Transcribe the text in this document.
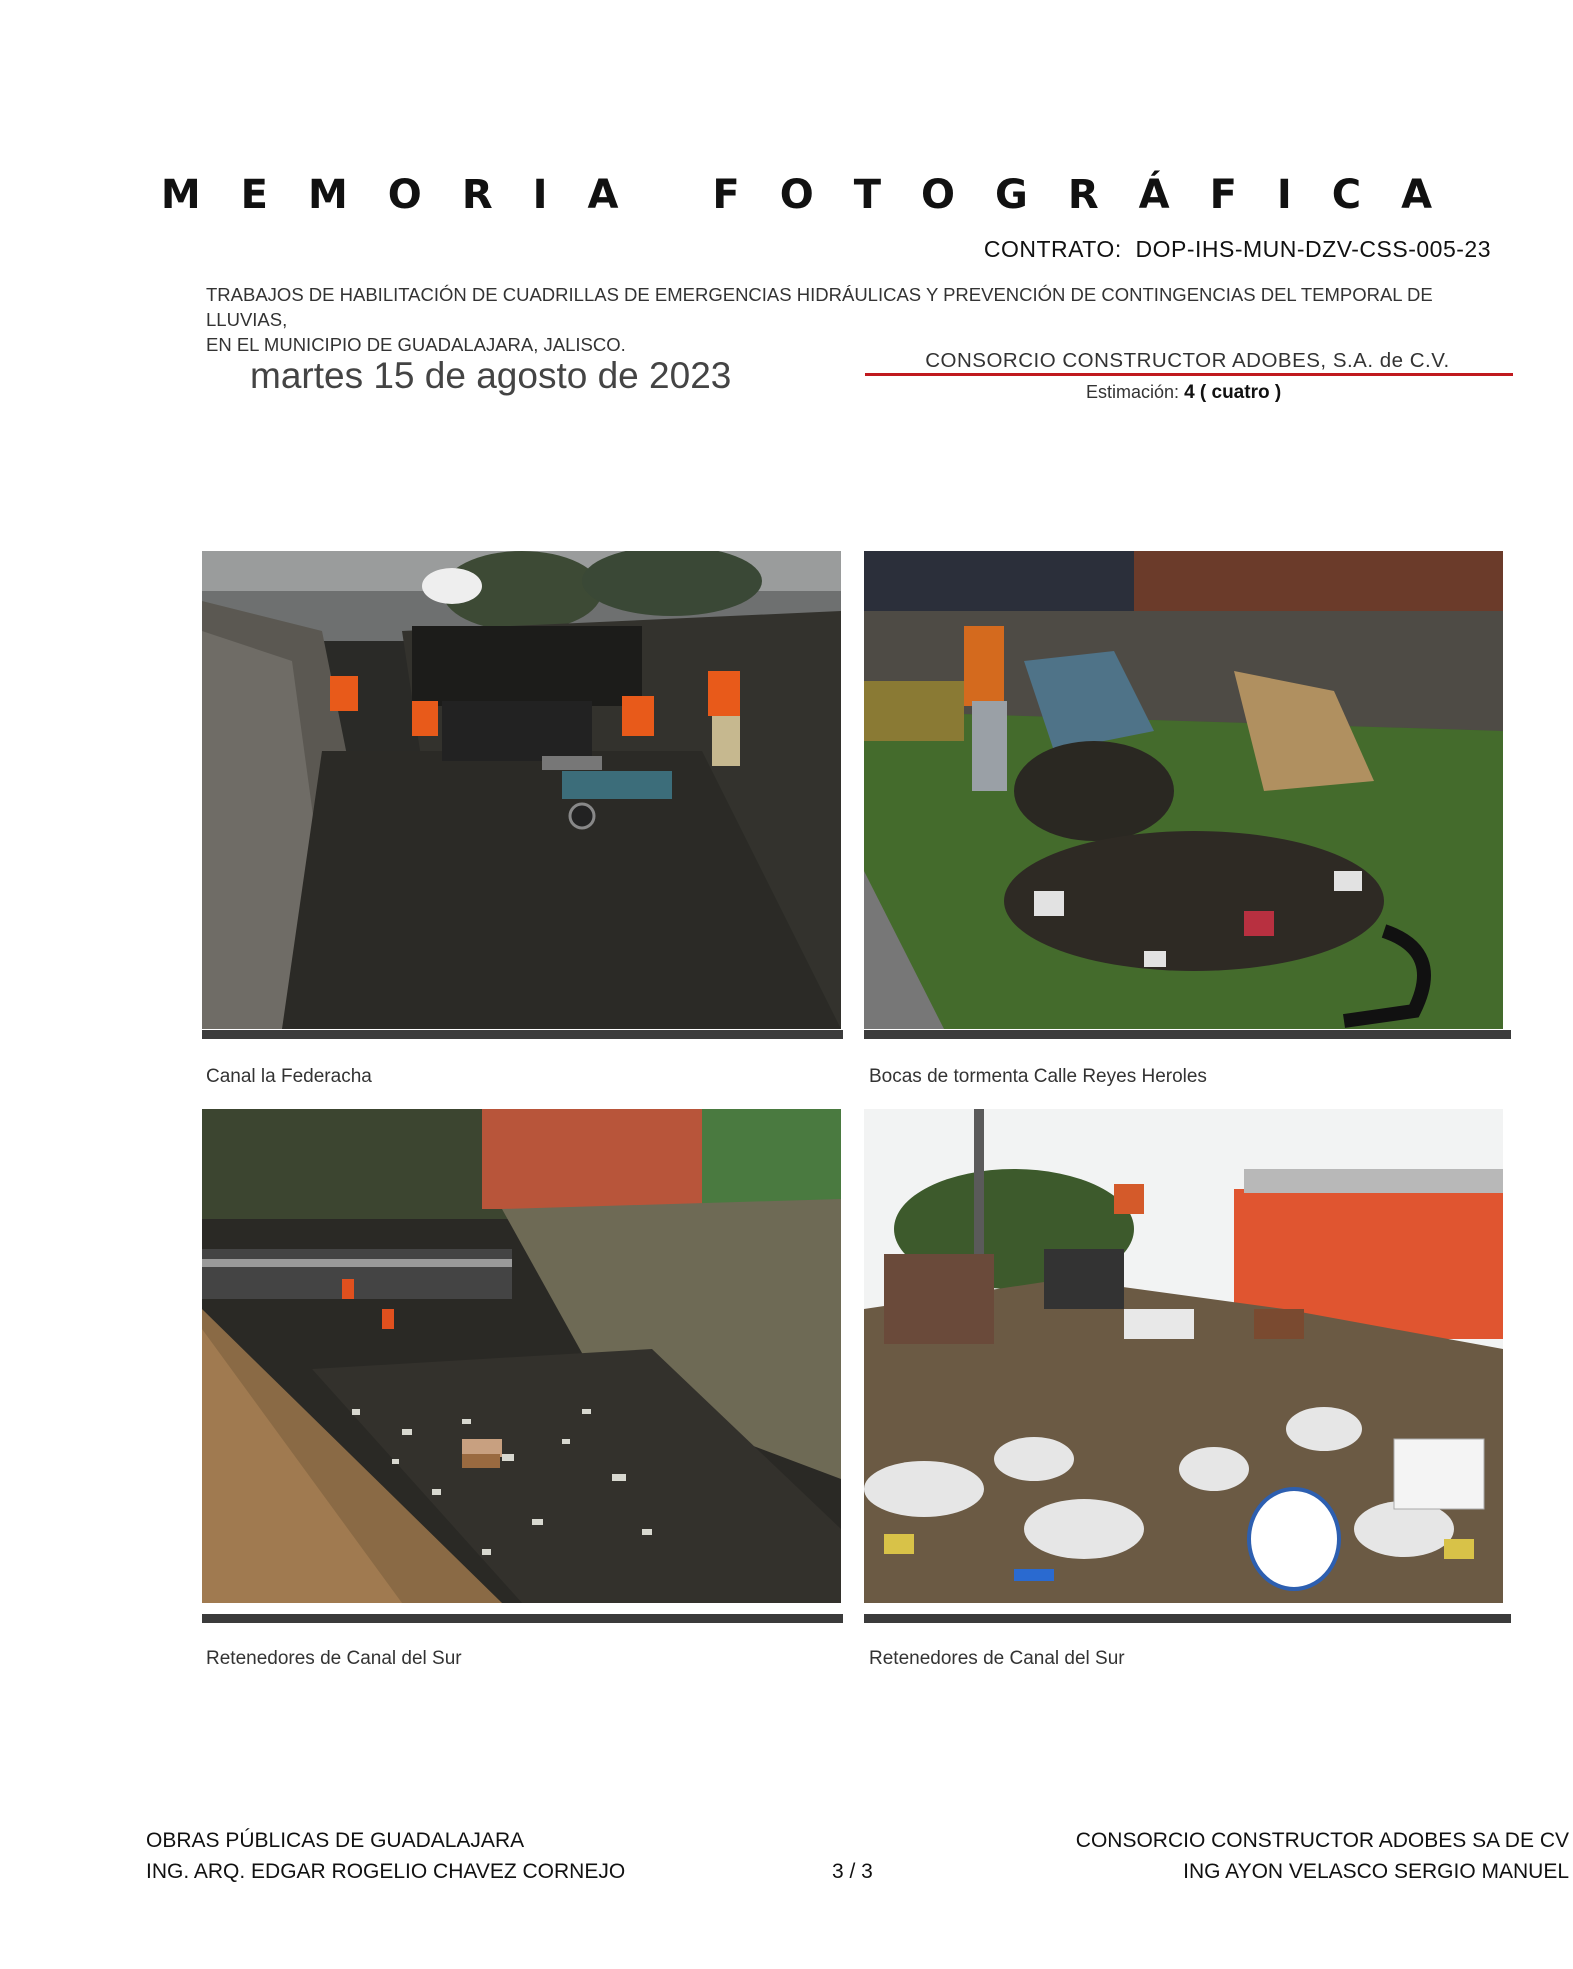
MEMORIA FOTOGRÁFICA
CONTRATO: DOP-IHS-MUN-DZV-CSS-005-23
TRABAJOS DE HABILITACIÓN DE CUADRILLAS DE EMERGENCIAS HIDRÁULICAS Y PREVENCIÓN DE CONTINGENCIAS DEL TEMPORAL DE LLUVIAS,
EN EL MUNICIPIO DE GUADALAJARA, JALISCO.
martes 15 de agosto de 2023	CONSORCIO CONSTRUCTOR ADOBES, S.A. de C.V.
Estimación: 4 ( cuatro )
Canal la Federacha	Bocas de tormenta Calle Reyes Heroles
Retenedores de Canal del Sur	Retenedores de Canal del Sur
OBRAS PÚBLICAS DE GUADALAJARA
ING. ARQ. EDGAR ROGELIO CHAVEZ CORNEJO	3 / 3
CONSORCIO CONSTRUCTOR ADOBES SA DE CV
ING AYON VELASCO SERGIO MANUEL
